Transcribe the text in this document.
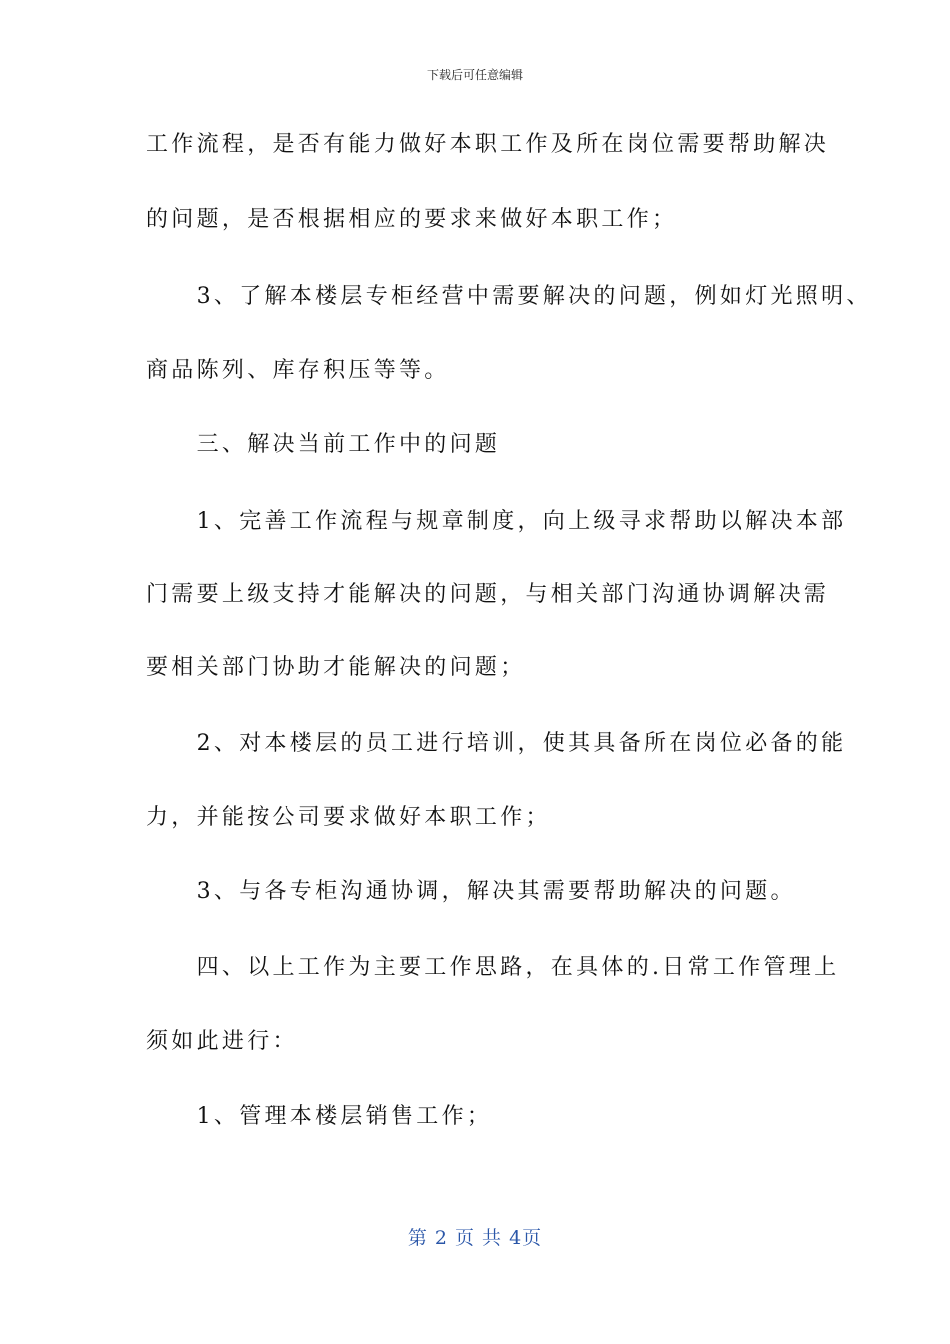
下载后可任意编辑
工作流程，是否有能力做好本职工作及所在岗位需要帮助解决
的问题，是否根据相应的要求来做好本职工作；
　　3、了解本楼层专柜经营中需要解决的问题，例如灯光照明、
商品陈列、库存积压等等。
　　三、解决当前工作中的问题
　　1、完善工作流程与规章制度，向上级寻求帮助以解决本部
门需要上级支持才能解决的问题，与相关部门沟通协调解决需
要相关部门协助才能解决的问题；
　　2、对本楼层的员工进行培训，使其具备所在岗位必备的能
力，并能按公司要求做好本职工作；
　　3、与各专柜沟通协调，解决其需要帮助解决的问题。
　　四、以上工作为主要工作思路，在具体的.日常工作管理上
须如此进行：
　　1、管理本楼层销售工作；
第 2 页 共 4页
